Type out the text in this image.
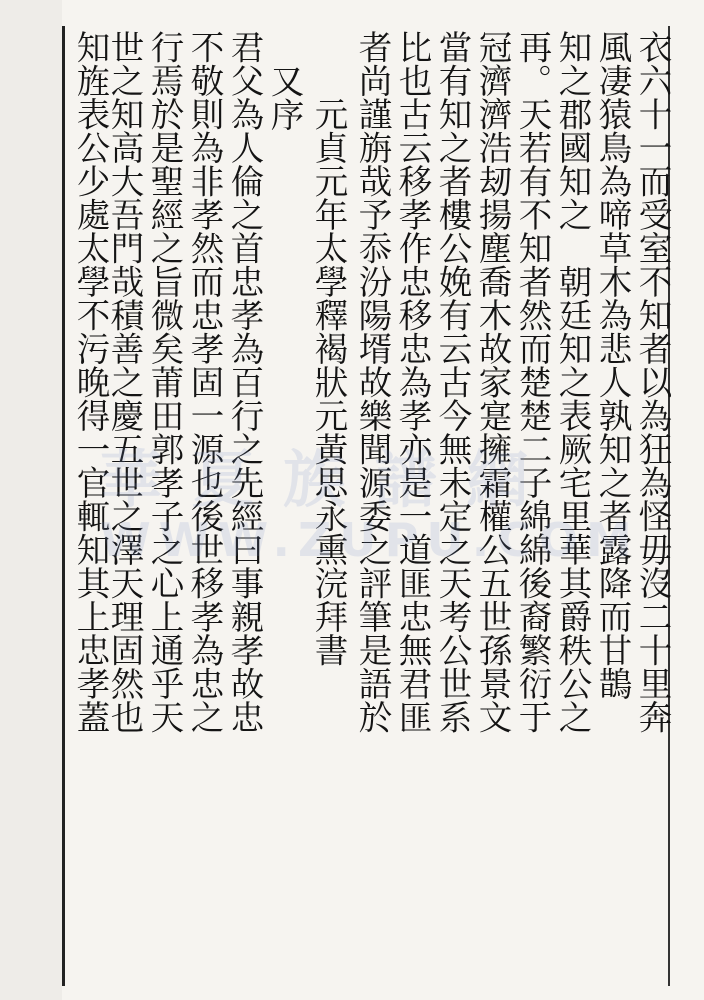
衣六十一而受室不知者以為狂為怪毋沒二十里奔
風凄猿鳥為啼草木為悲人孰知之者露降而甘鵲
知之郡國知之　朝廷知之表厥宅里華其爵秩公之
再。天若有不知者然而楚楚二子綿綿後裔繁衍于
冠濟濟浩刼揚塵喬木故家寔擁霜權公五世孫景文
當有知之者樓公娩有云古今無未定之天考公世系
比也古云移孝作忠移忠為孝亦是一道匪忠無君匪
者尚謹旃哉予忝汾陽壻故樂聞源委之評筆是語於
元貞元年太學釋褐狀元黃思永熏浣拜書
又序
君父為人倫之首忠孝為百行之先經曰事親孝故忠
不敬則為非孝然而忠孝固一源也後世移孝為忠之
行焉於是聖經之旨微矣莆田郭孝子之心上通乎天
世之知高大吾門哉積善之慶五世之澤天理固然也
知旌表公少處太學不污晚得一官輒知其上忠孝蓋
華 夏 族 譜 網
WWW.ZUPU.COM
